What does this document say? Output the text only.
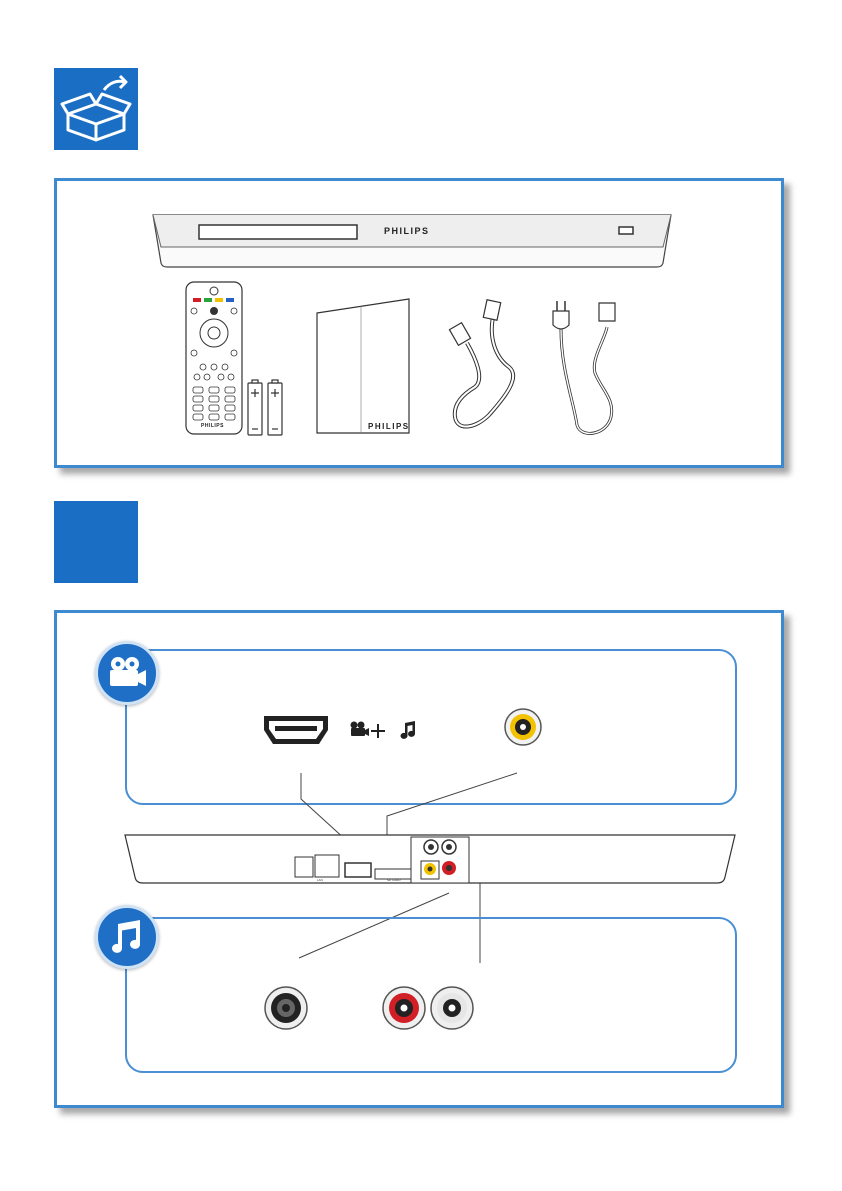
PHILIPS
PHILIPS	PHILIPS
LAN	SD CARD
